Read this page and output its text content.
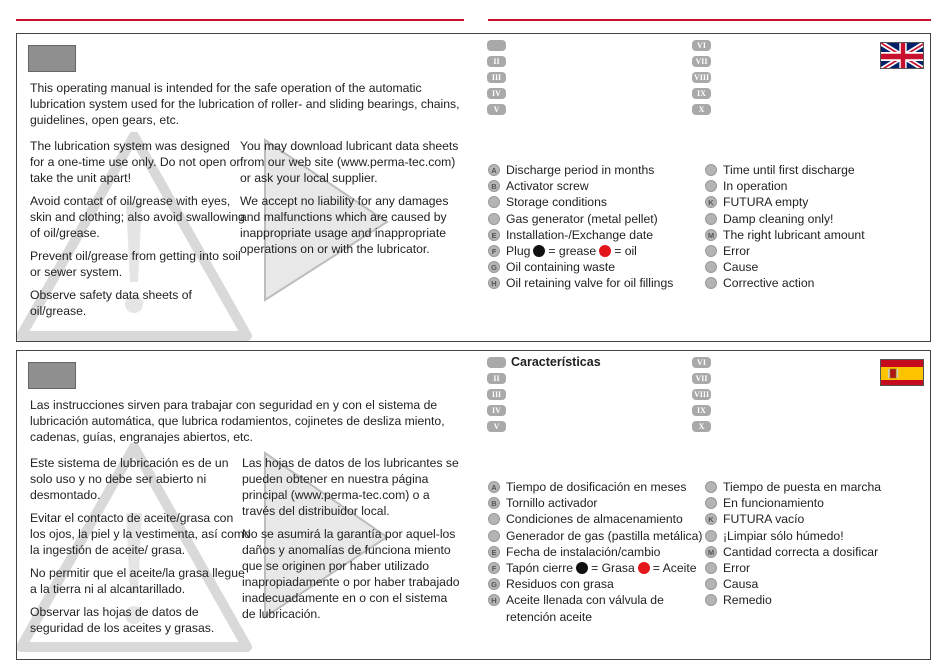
This operating manual is intended for the safe operation of the automatic lubrication system used for the lubrication of roller- and sliding bearings, chains, guidelines, open gears, etc.

The lubrication system was designed for a one-time use only. Do not open or take the unit apart!

Avoid contact of oil/grease with eyes, skin and clothing; also avoid swallowing of oil/grease.

Prevent oil/grease from getting into soil or sewer system.

Observe safety data sheets of oil/grease.

You may download lubricant data sheets from our web site (www.perma-tec.com) or ask your local supplier.

We accept no liability for any damages and malfunctions which are caused by inappropriate usage and inappropriate operations on or with the lubricator.

II
III
IV
V
VI
VII
VIII
IX
X
A Discharge period in months
B Activator screw
Storage conditions
Gas generator (metal pellet)
E Installation-/Exchange date
F Plug = grease = oil
G Oil containing waste
H Oil retaining valve for oil fillings
Time until first discharge
In operation
K FUTURA empty
Damp cleaning only!
M The right lubricant amount
Error
Cause
Corrective action
Las instrucciones sirven para trabajar con seguridad en y con el sistema de lubricación automática, que lubrica rodamientos, cojinetes de desliza miento, cadenas, guías, engranajes abiertos, etc.

Este sistema de lubricación es de un solo uso y no debe ser abierto ni desmontado.

Evitar el contacto de aceite/grasa con los ojos, la piel y la vestimenta, así como la ingestión de aceite/ grasa.

No permitir que el aceite/la grasa llegue a la tierra ni al alcantarillado.

Observar las hojas de datos de seguridad de los aceites y grasas.

Las hojas de datos de los lubricantes se pueden obtener en nuestra página principal (www.perma-tec.com) o a través del distribuidor local.

No se asumirá la garantía por aquel-los daños y anomalías de funciona miento que se originen por haber utilizado inapropiadamente o por haber trabajado inadecuadamente en o con el sistema de lubricación.

Características
II
III
IV
V
VI
VII
VIII
IX
X
A Tiempo de dosificación en meses
B Tornillo activador
Condiciones de almacenamiento
Generador de gas (pastilla metálica)
E Fecha de instalación/cambio
F Tapón cierre = Grasa = Aceite
G Residuos con grasa
H Aceite llenada con válvula de retención aceite
Tiempo de puesta en marcha
En funcionamiento
K FUTURA vacío
¡Limpiar sólo húmedo!
M Cantidad correcta a dosificar
Error
Causa
Remedio
